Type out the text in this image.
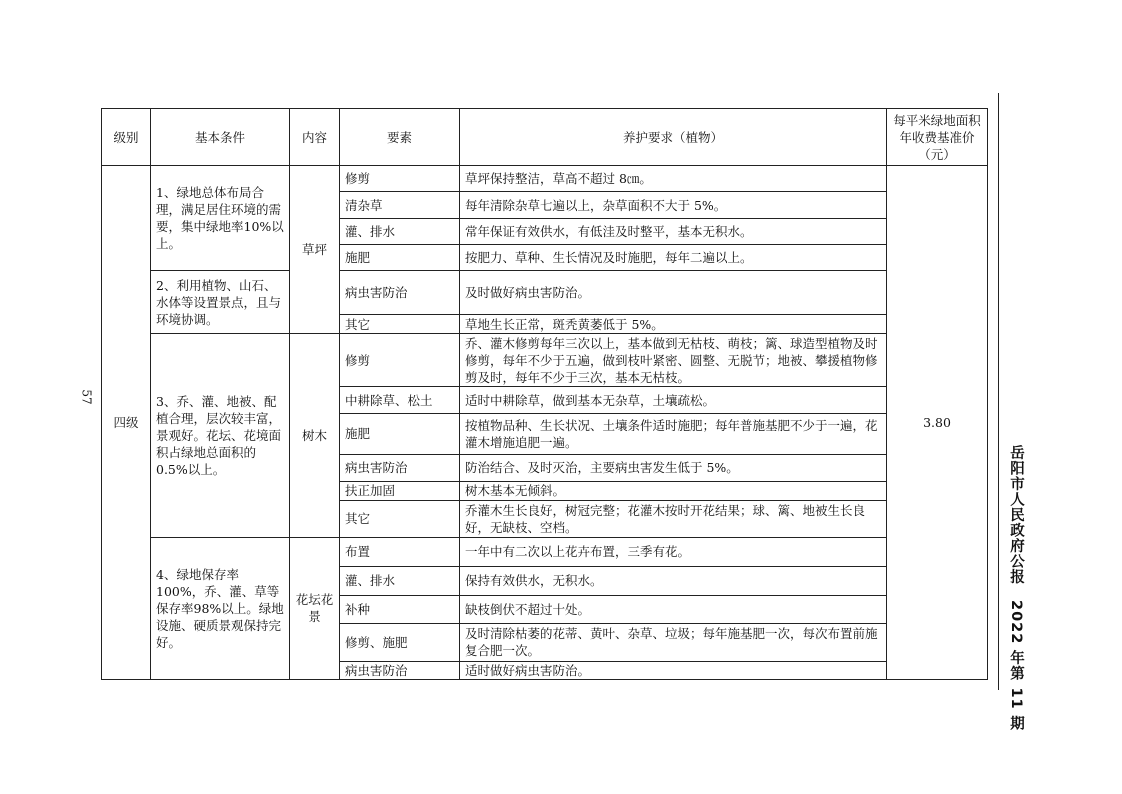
57
岳阳市人民政府公报　2022 年第 11 期
级别	基本条件	内容	要素	养护要求（植物）	每平米绿地面积年收费基准价（元）
四级	1、绿地总体布局合理，满足居住环境的需要，集中绿地率10%以上。	草坪	修剪	草坪保持整洁，草高不超过 8㎝。	3.80
			清杂草	每年清除杂草七遍以上，杂草面积不大于 5%。	
			灌、排水	常年保证有效供水，有低洼及时整平，基本无积水。	
			施肥	按肥力、草种、生长情况及时施肥，每年二遍以上。	
	2、利用植物、山石、水体等设置景点，且与环境协调。		病虫害防治	及时做好病虫害防治。	
			其它	草地生长正常，斑秃黄萎低于 5%。	
	3、乔、灌、地被、配植合理，层次较丰富，景观好。花坛、花境面积占绿地总面积的 0.5%以上。	树木	修剪	乔、灌木修剪每年三次以上，基本做到无枯枝、萌枝；篱、球造型植物及时修剪，每年不少于五遍，做到枝叶紧密、圆整、无脱节；地被、攀援植物修剪及时，每年不少于三次，基本无枯枝。	
			中耕除草、松土	适时中耕除草，做到基本无杂草，土壤疏松。	
			施肥	按植物品种、生长状况、土壤条件适时施肥；每年普施基肥不少于一遍，花灌木增施追肥一遍。	
			病虫害防治	防治结合、及时灭治，主要病虫害发生低于 5%。	
			扶正加固	树木基本无倾斜。	
			其它	乔灌木生长良好，树冠完整；花灌木按时开花结果；球、篱、地被生长良好，无缺枝、空档。	
	4、绿地保存率 100%，乔、灌、草等保存率98%以上。绿地设施、硬质景观保持完好。	花坛花景	布置	一年中有二次以上花卉布置，三季有花。	
			灌、排水	保持有效供水，无积水。	
			补种	缺枝倒伏不超过十处。	
			修剪、施肥	及时清除枯萎的花蒂、黄叶、杂草、垃圾；每年施基肥一次，每次布置前施复合肥一次。	
			病虫害防治	适时做好病虫害防治。	
